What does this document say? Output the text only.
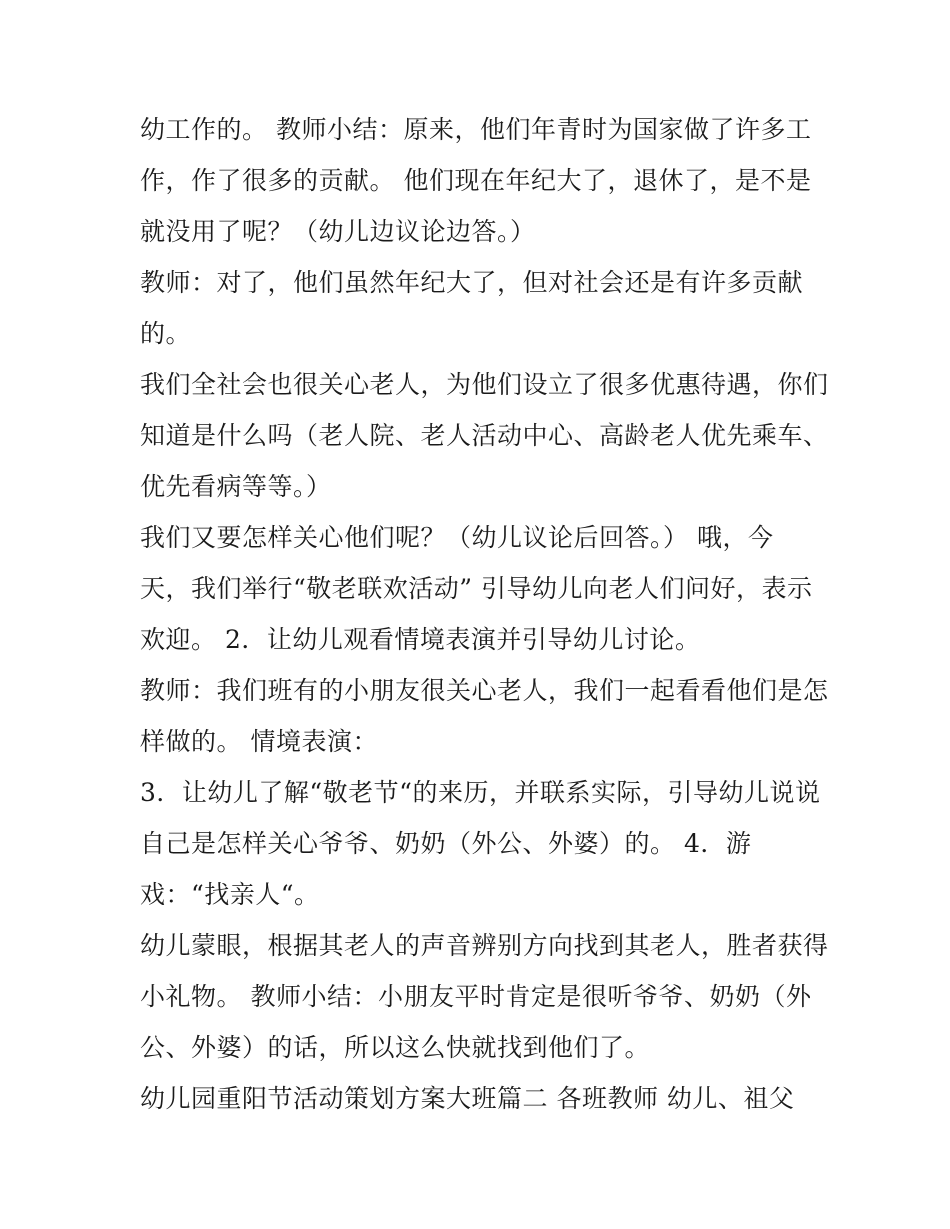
幼工作的。 教师小结：原来，他们年青时为国家做了许多工
作，作了很多的贡献。 他们现在年纪大了，退休了，是不是
就没用了呢？（幼儿边议论边答。）
教师：对了，他们虽然年纪大了，但对社会还是有许多贡献
的。
我们全社会也很关心老人，为他们设立了很多优惠待遇，你们
知道是什么吗（老人院、老人活动中心、高龄老人优先乘车、
优先看病等等。）
我们又要怎样关心他们呢？（幼儿议论后回答。） 哦，今
天，我们举行“敬老联欢活动” 引导幼儿向老人们问好，表示
欢迎。 2．让幼儿观看情境表演并引导幼儿讨论。
教师：我们班有的小朋友很关心老人，我们一起看看他们是怎
样做的。 情境表演：
3．让幼儿了解“敬老节“的来历，并联系实际，引导幼儿说说
自己是怎样关心爷爷、奶奶（外公、外婆）的。 4．游
戏：“找亲人“。
幼儿蒙眼，根据其老人的声音辨别方向找到其老人，胜者获得
小礼物。 教师小结：小朋友平时肯定是很听爷爷、奶奶（外
公、外婆）的话，所以这么快就找到他们了。
幼儿园重阳节活动策划方案大班篇二 各班教师 幼儿、祖父
